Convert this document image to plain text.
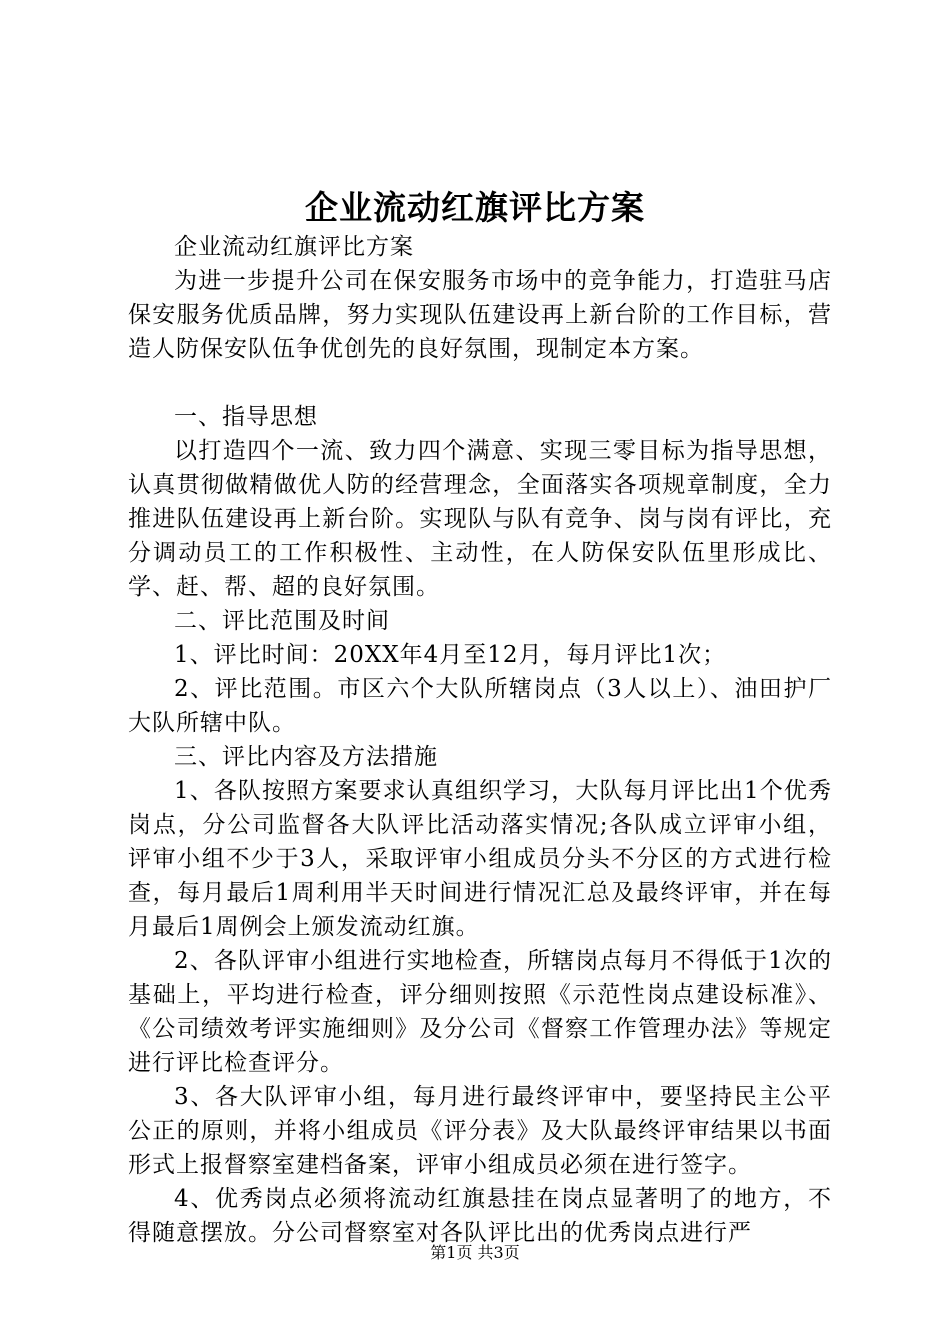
企业流动红旗评比方案

企业流动红旗评比方案

为进一步提升公司在保安服务市场中的竞争能力，打造驻马店保安服务优质品牌，努力实现队伍建设再上新台阶的工作目标，营造人防保安队伍争优创先的良好氛围，现制定本方案。

一、指导思想

以打造四个一流、致力四个满意、实现三零目标为指导思想，认真贯彻做精做优人防的经营理念，全面落实各项规章制度，全力推进队伍建设再上新台阶。实现队与队有竞争、岗与岗有评比，充分调动员工的工作积极性、主动性，在人防保安队伍里形成比、学、赶、帮、超的良好氛围。

二、评比范围及时间

1、评比时间：20XX年4月至12月，每月评比1次；

2、评比范围。市区六个大队所辖岗点（3人以上）、油田护厂大队所辖中队。

三、评比内容及方法措施

1、各队按照方案要求认真组织学习，大队每月评比出1个优秀岗点，分公司监督各大队评比活动落实情况;各队成立评审小组，评审小组不少于3人，采取评审小组成员分头不分区的方式进行检查，每月最后1周利用半天时间进行情况汇总及最终评审，并在每月最后1周例会上颁发流动红旗。

2、各队评审小组进行实地检查，所辖岗点每月不得低于1次的基础上，平均进行检查，评分细则按照《示范性岗点建设标准》、《公司绩效考评实施细则》及分公司《督察工作管理办法》等规定进行评比检查评分。

3、各大队评审小组，每月进行最终评审中，要坚持民主公平公正的原则，并将小组成员《评分表》及大队最终评审结果以书面形式上报督察室建档备案，评审小组成员必须在进行签字。

4、优秀岗点必须将流动红旗悬挂在岗点显著明了的地方，不得随意摆放。分公司督察室对各队评比出的优秀岗点进行严

第1页 共3页
